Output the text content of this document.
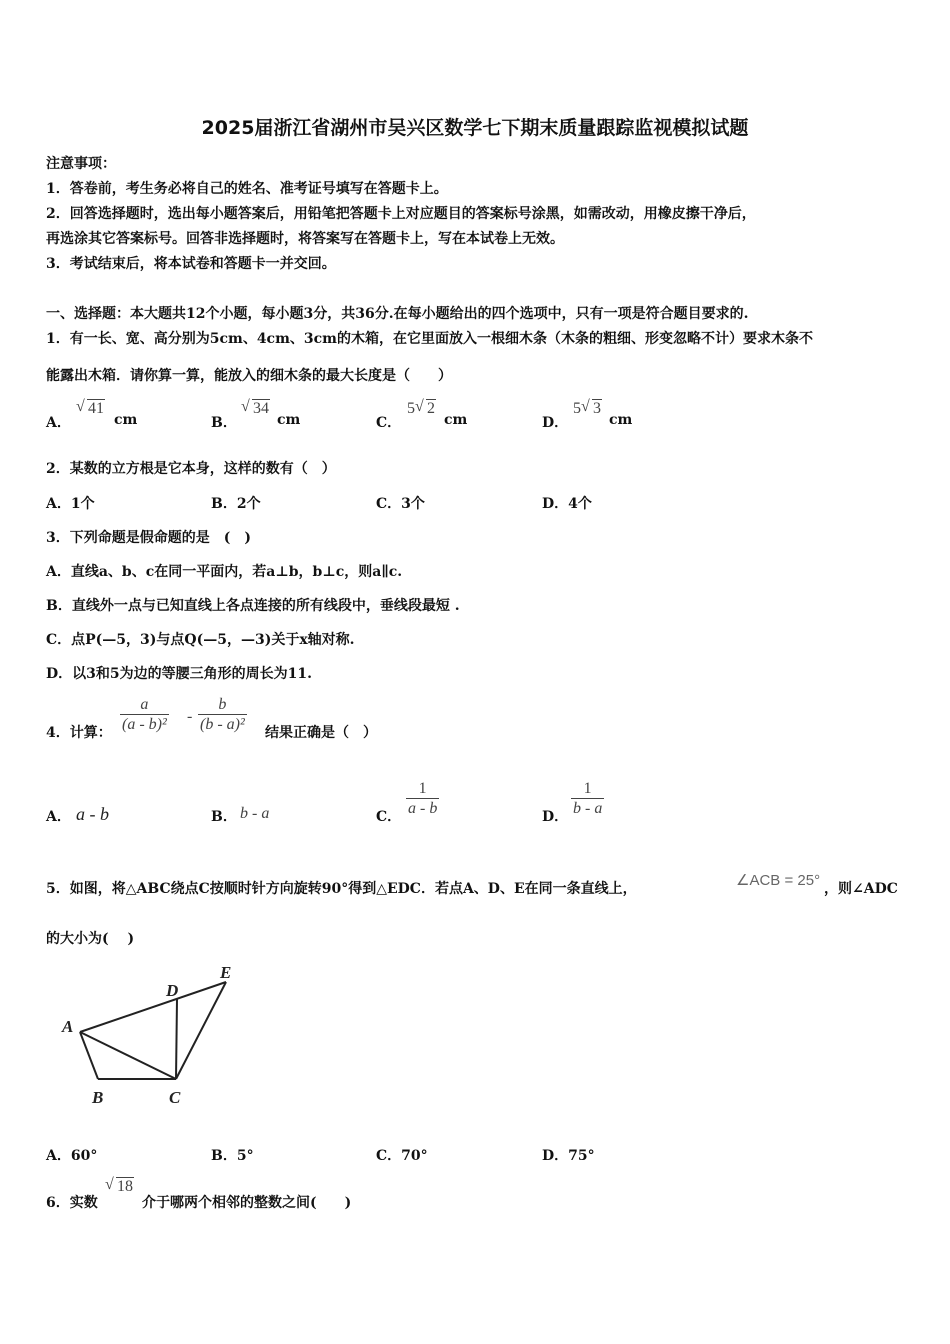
2025届浙江省湖州市吴兴区数学七下期末质量跟踪监视模拟试题
注意事项：
1．答卷前，考生务必将自己的姓名、准考证号填写在答题卡上。
2．回答选择题时，选出每小题答案后，用铅笔把答题卡上对应题目的答案标号涂黑，如需改动，用橡皮擦干净后，
再选涂其它答案标号。回答非选择题时，将答案写在答题卡上，写在本试卷上无效。
3．考试结束后，将本试卷和答题卡一并交回。
一、选择题：本大题共12个小题，每小题3分，共36分.在每小题给出的四个选项中，只有一项是符合题目要求的.
1．有一长、宽、高分别为5cm、4cm、3cm的木箱，在它里面放入一根细木条（木条的粗细、形变忽略不计）要求木条不
能露出木箱．请你算一算，能放入的细木条的最大长度是（　　）
A．
√ 41
cm	B．
√ 34
cm	C．
5 √ 2
cm	D．
5 √ 3
cm
2．某数的立方根是它本身，这样的数有（　）
A．1个	B．2个	C．3个	D．4个
3．下列命题是假命题的是　(　)
A．直线a、b、c在同一平面内，若a⊥b，b⊥c，则a∥c.
B．直线外一点与已知直线上各点连接的所有线段中，垂线段最短 .
C．点P(—5，3)与点Q(—5，—3)关于x轴对称.
D．以3和5为边的等腰三角形的周长为11.
4．计算： $\frac{a}{\text{(a - b)²}} - \frac{b}{\text{(b - a)²}}$ 结果正确是（　）
A． a - b	B． b - a	C． $\frac{1}{a - b}$	D． $\frac{1}{b - a}$
5．如图，将△ABC绕点C按顺时针方向旋转90°得到△EDC．若点A、D、E在同一条直线上，	∠ACB = 25° ，则∠ADC
的大小为(　 )
A
B	C
D
E
A．60°	B．5°	C．70°	D．75°
6．实数
√ 18
介于哪两个相邻的整数之间(　　)
